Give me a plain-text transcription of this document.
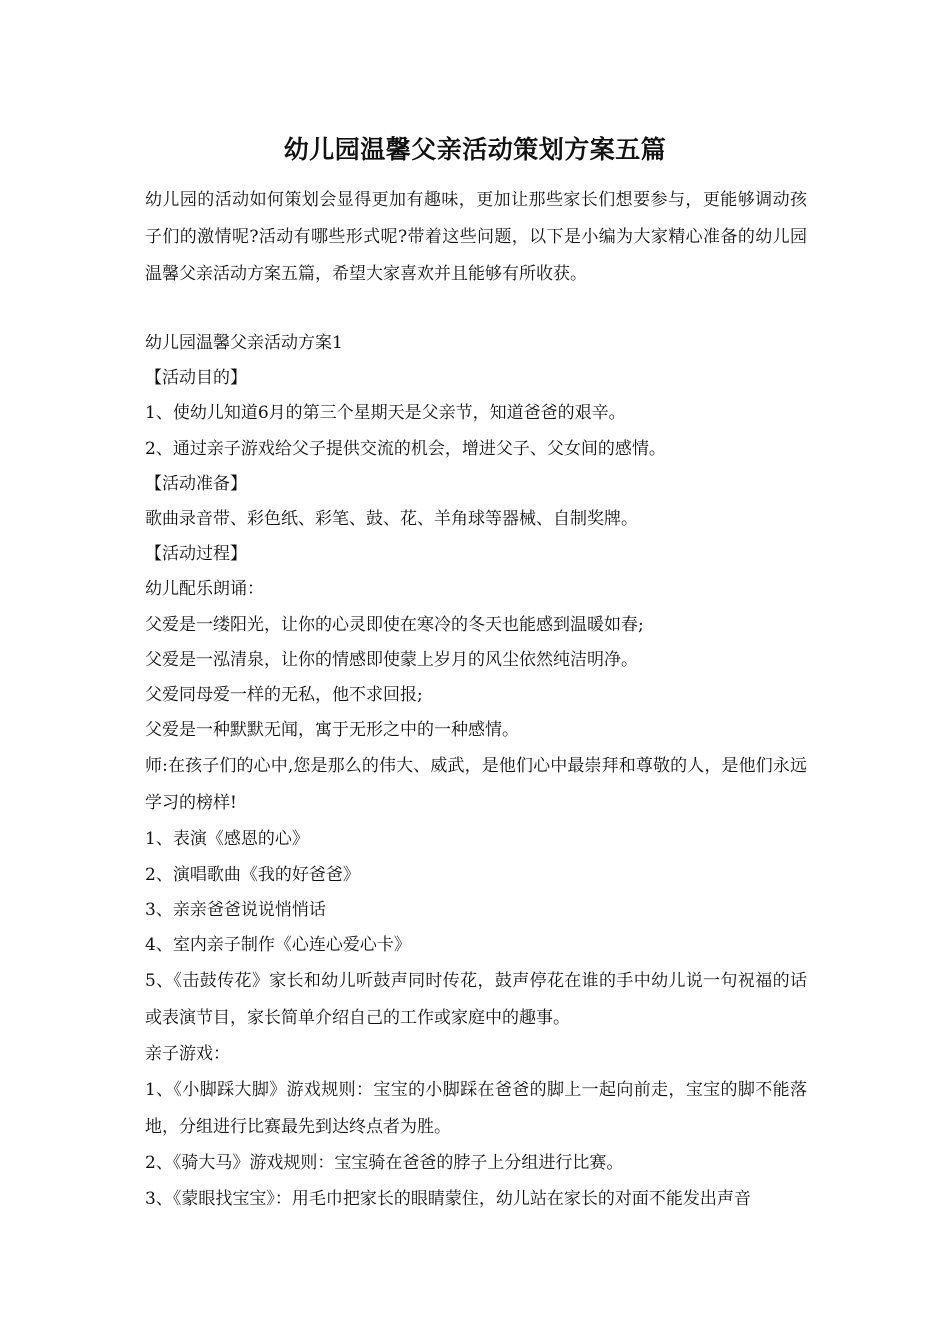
幼儿园温馨父亲活动策划方案五篇
幼儿园的活动如何策划会显得更加有趣味，更加让那些家长们想要参与，更能够调动孩子们的激情呢?活动有哪些形式呢?带着这些问题，以下是小编为大家精心准备的幼儿园温馨父亲活动方案五篇，希望大家喜欢并且能够有所收获。
幼儿园温馨父亲活动方案1
【活动目的】
1、使幼儿知道6月的第三个星期天是父亲节，知道爸爸的艰辛。
2、通过亲子游戏给父子提供交流的机会，增进父子、父女间的感情。
【活动准备】
歌曲录音带、彩色纸、彩笔、鼓、花、羊角球等器械、自制奖牌。
【活动过程】
幼儿配乐朗诵：
父爱是一缕阳光，让你的心灵即使在寒冷的冬天也能感到温暖如春;
父爱是一泓清泉，让你的情感即使蒙上岁月的风尘依然纯洁明净。
父爱同母爱一样的无私，他不求回报;
父爱是一种默默无闻，寓于无形之中的一种感情。
师:在孩子们的心中,您是那么的伟大、威武，是他们心中最崇拜和尊敬的人，是他们永远学习的榜样!
1、表演《感恩的心》
2、演唱歌曲《我的好爸爸》
3、亲亲爸爸说说悄悄话
4、室内亲子制作《心连心爱心卡》
5、《击鼓传花》家长和幼儿听鼓声同时传花，鼓声停花在谁的手中幼儿说一句祝福的话或表演节目，家长简单介绍自己的工作或家庭中的趣事。
亲子游戏：
1、《小脚踩大脚》游戏规则：宝宝的小脚踩在爸爸的脚上一起向前走，宝宝的脚不能落地，分组进行比赛最先到达终点者为胜。
2、《骑大马》游戏规则：宝宝骑在爸爸的脖子上分组进行比赛。
3、《蒙眼找宝宝》：用毛巾把家长的眼睛蒙住，幼儿站在家长的对面不能发出声音
